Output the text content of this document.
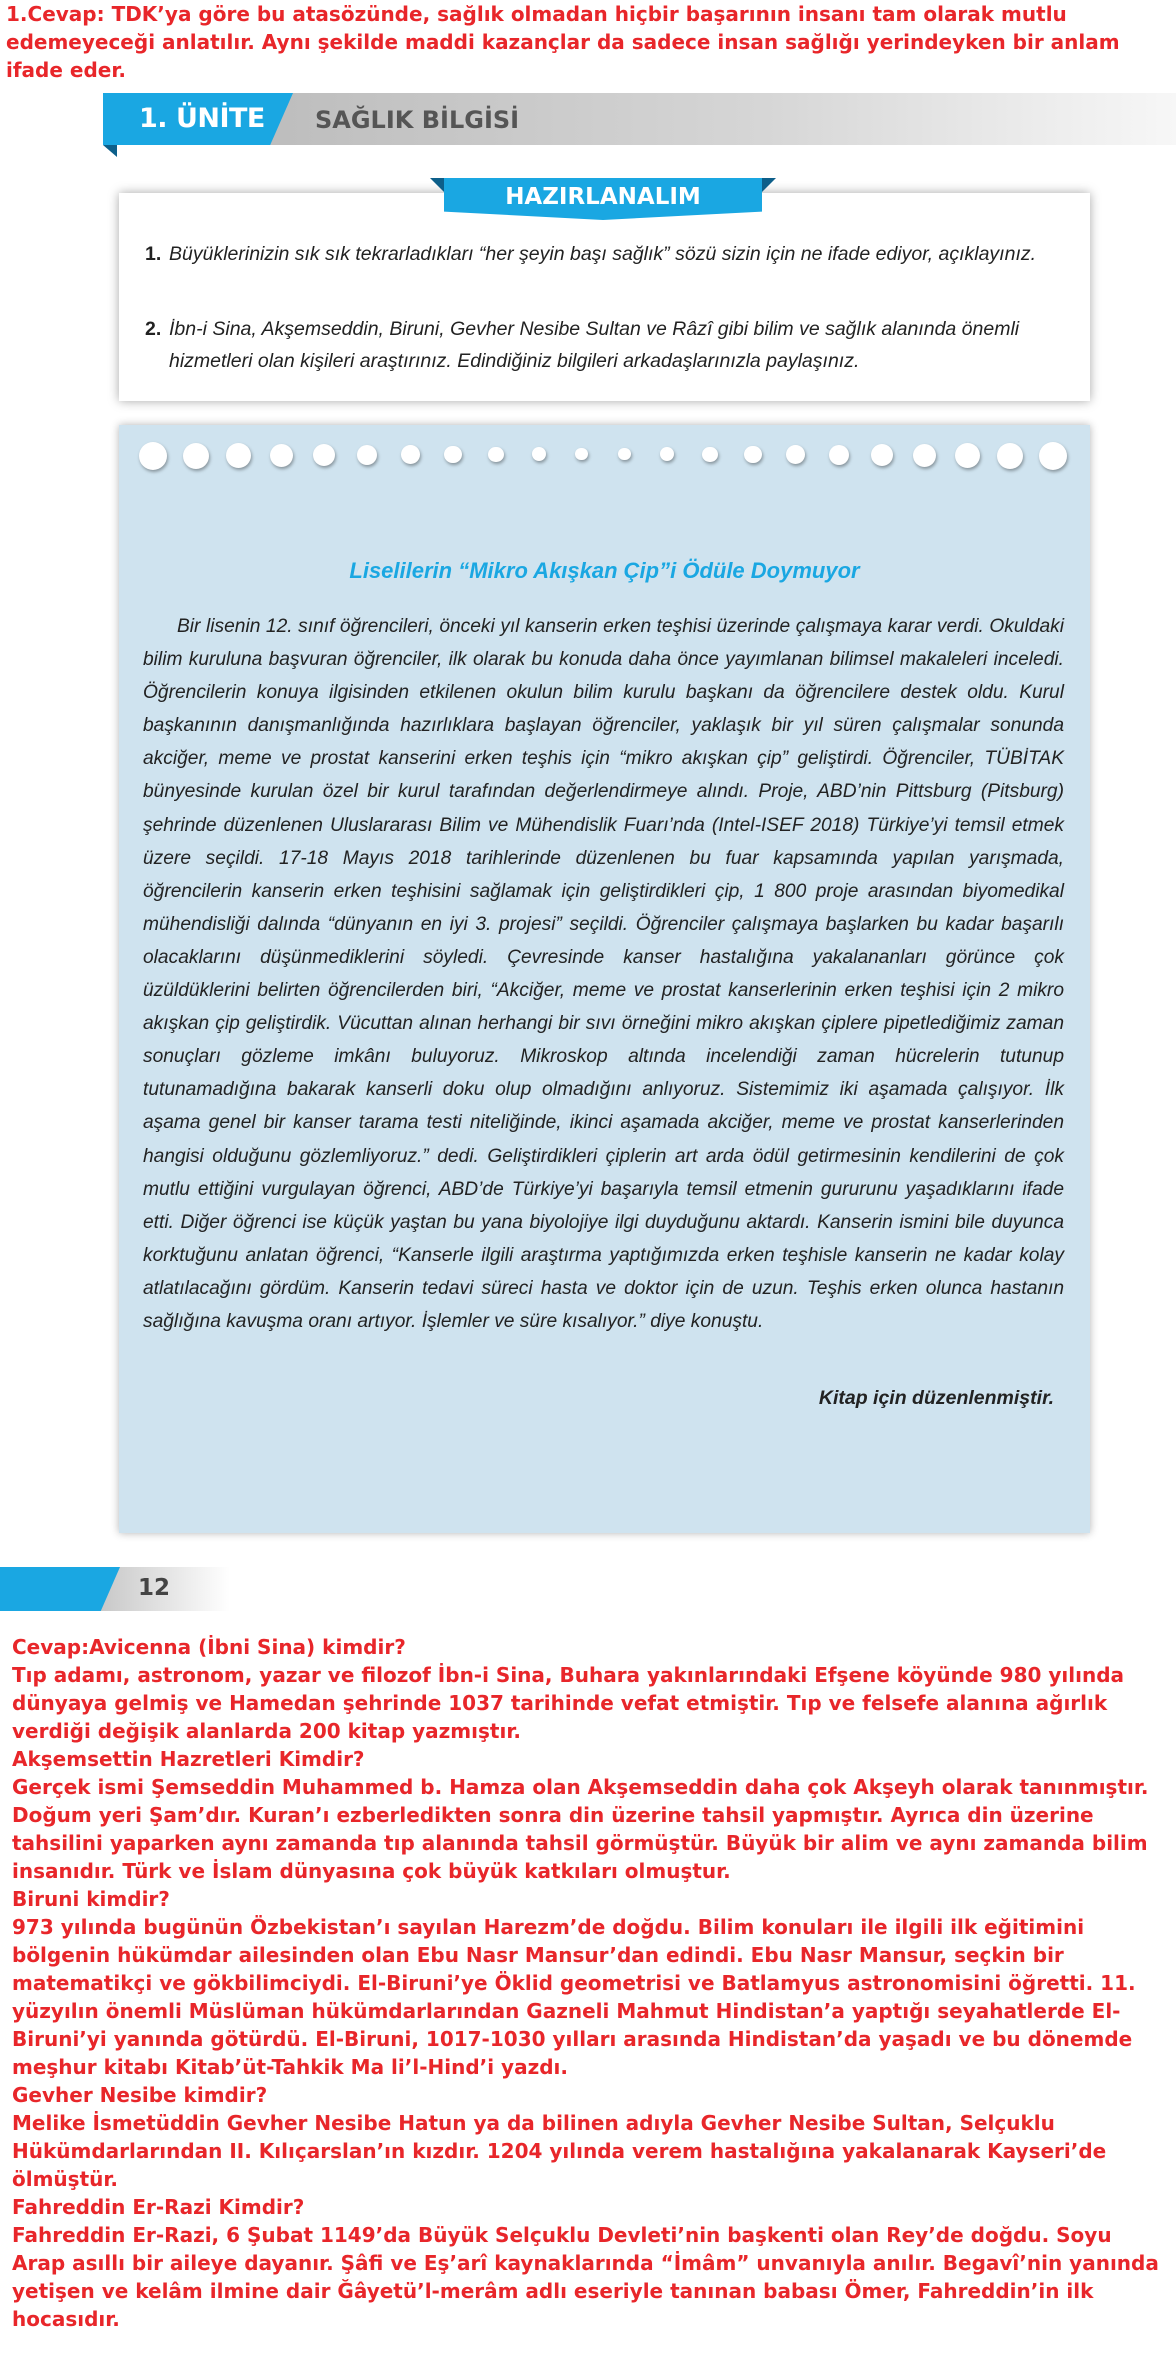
1.Cevap: TDK’ya göre bu atasözünde, sağlık olmadan hiçbir başarının insanı tam olarak mutlu edemeyeceği anlatılır. Aynı şekilde maddi kazançlar da sadece insan sağlığı yerindeyken bir anlam ifade eder.
1. ÜNİTE SAĞLIK BİLGİSİ
1. Büyüklerinizin sık sık tekrarladıkları “her şeyin başı sağlık” sözü sizin için ne ifade ediyor, açıklayınız.
2. İbn-i Sina, Akşemseddin, Biruni, Gevher Nesibe Sultan ve Râzî gibi bilim ve sağlık alanında önemli hizmetleri olan kişileri araştırınız. Edindiğiniz bilgileri arkadaşlarınızla paylaşınız.
HAZIRLANALIM
Liselilerin “Mikro Akışkan Çip”i Ödüle Doymuyor
Bir lisenin 12. sınıf öğrencileri, önceki yıl kanserin erken teşhisi üzerinde çalışmaya karar verdi. Okuldaki bilim kuruluna başvuran öğrenciler, ilk olarak bu konuda daha önce yayımlanan bilimsel makaleleri inceledi. Öğrencilerin konuya ilgisinden etkilenen okulun bilim kurulu başkanı da öğrencilere destek oldu. Kurul başkanının danışmanlığında hazırlıklara başlayan öğrenciler, yaklaşık bir yıl süren çalışmalar sonunda akciğer, meme ve prostat kanserini erken teşhis için “mikro akışkan çip” geliştirdi. Öğrenciler, TÜBİTAK bünyesinde kurulan özel bir kurul tarafından değerlendirmeye alındı. Proje, ABD’nin Pittsburg (Pitsburg) şehrinde düzenlenen Uluslararası Bilim ve Mühendislik Fuarı’nda (Intel-ISEF 2018) Türkiye’yi temsil etmek üzere seçildi. 17-18 Mayıs 2018 tarihlerinde düzenlenen bu fuar kapsamında yapılan yarışmada, öğrencilerin kanserin erken teşhisini sağlamak için geliştirdikleri çip, 1 800 proje arasından biyomedikal mühendisliği dalında “dünyanın en iyi 3. projesi” seçildi. Öğrenciler çalışmaya başlarken bu kadar başarılı olacaklarını düşünmediklerini söyledi. Çevresinde kanser hastalığına yakalananları görünce çok üzüldüklerini belirten öğrencilerden biri, “Akciğer, meme ve prostat kanserlerinin erken teşhisi için 2 mikro akışkan çip geliştirdik. Vücuttan alınan herhangi bir sıvı örneğini mikro akışkan çiplere pipetlediğimiz zaman sonuçları gözleme imkânı buluyoruz. Mikroskop altında incelendiği zaman hücrelerin tutunup tutunamadığına bakarak kanserli doku olup olmadığını anlıyoruz. Sistemimiz iki aşamada çalışıyor. İlk aşama genel bir kanser tarama testi niteliğinde, ikinci aşamada akciğer, meme ve prostat kanserlerinden hangisi olduğunu gözlemliyoruz.” dedi. Geliştirdikleri çiplerin art arda ödül getirmesinin kendilerini de çok mutlu ettiğini vurgulayan öğrenci, ABD’de Türkiye’yi başarıyla temsil etmenin gururunu yaşadıklarını ifade etti. Diğer öğrenci ise küçük yaştan bu yana biyolojiye ilgi duyduğunu aktardı. Kanserin ismini bile duyunca korktuğunu anlatan öğrenci, “Kanserle ilgili araştırma yaptığımızda erken teşhisle kanserin ne kadar kolay atlatılacağını gördüm. Kanserin tedavi süreci hasta ve doktor için de uzun. Teşhis erken olunca hastanın sağlığına kavuşma oranı artıyor. İşlemler ve süre kısalıyor.” diye konuştu.
Kitap için düzenlenmiştir.
12
Cevap:Avicenna (İbni Sina) kimdir?
Tıp adamı, astronom, yazar ve filozof İbn-i Sina, Buhara yakınlarındaki Efşene köyünde 980 yılında dünyaya gelmiş ve Hamedan şehrinde 1037 tarihinde vefat etmiştir. Tıp ve felsefe alanına ağırlık verdiği değişik alanlarda 200 kitap yazmıştır.
Akşemsettin Hazretleri Kimdir?
Gerçek ismi Şemseddin Muhammed b. Hamza olan Akşemseddin daha çok Akşeyh olarak tanınmıştır. Doğum yeri Şam’dır. Kuran’ı ezberledikten sonra din üzerine tahsil yapmıştır. Ayrıca din üzerine tahsilini yaparken aynı zamanda tıp alanında tahsil görmüştür. Büyük bir alim ve aynı zamanda bilim insanıdır. Türk ve İslam dünyasına çok büyük katkıları olmuştur.
Biruni kimdir?
973 yılında bugünün Özbekistan’ı sayılan Harezm’de doğdu. Bilim konuları ile ilgili ilk eğitimini bölgenin hükümdar ailesinden olan Ebu Nasr Mansur’dan edindi. Ebu Nasr Mansur, seçkin bir matematikçi ve gökbilimciydi. El-Biruni’ye Öklid geometrisi ve Batlamyus astronomisini öğretti. 11. yüzyılın önemli Müslüman hükümdarlarından Gazneli Mahmut Hindistan’a yaptığı seyahatlerde El-Biruni’yi yanında götürdü. El-Biruni, 1017-1030 yılları arasında Hindistan’da yaşadı ve bu dönemde meşhur kitabı Kitab’üt-Tahkik Ma li’l-Hind’i yazdı.
Gevher Nesibe kimdir?
Melike İsmetüddin Gevher Nesibe Hatun ya da bilinen adıyla Gevher Nesibe Sultan, Selçuklu Hükümdarlarından II. Kılıçarslan’ın kızdır. 1204 yılında verem hastalığına yakalanarak Kayseri’de ölmüştür.
Fahreddin Er-Razi Kimdir?
Fahreddin Er-Razi, 6 Şubat 1149’da Büyük Selçuklu Devleti’nin başkenti olan Rey’de doğdu. Soyu Arap asıllı bir aileye dayanır. Şâfi ve Eş’arî kaynaklarında “İmâm” unvanıyla anılır. Begavî’nin yanında yetişen ve kelâm ilmine dair Ğâyetü’l-merâm adlı eseriyle tanınan babası Ömer, Fahreddin’in ilk hocasıdır.
